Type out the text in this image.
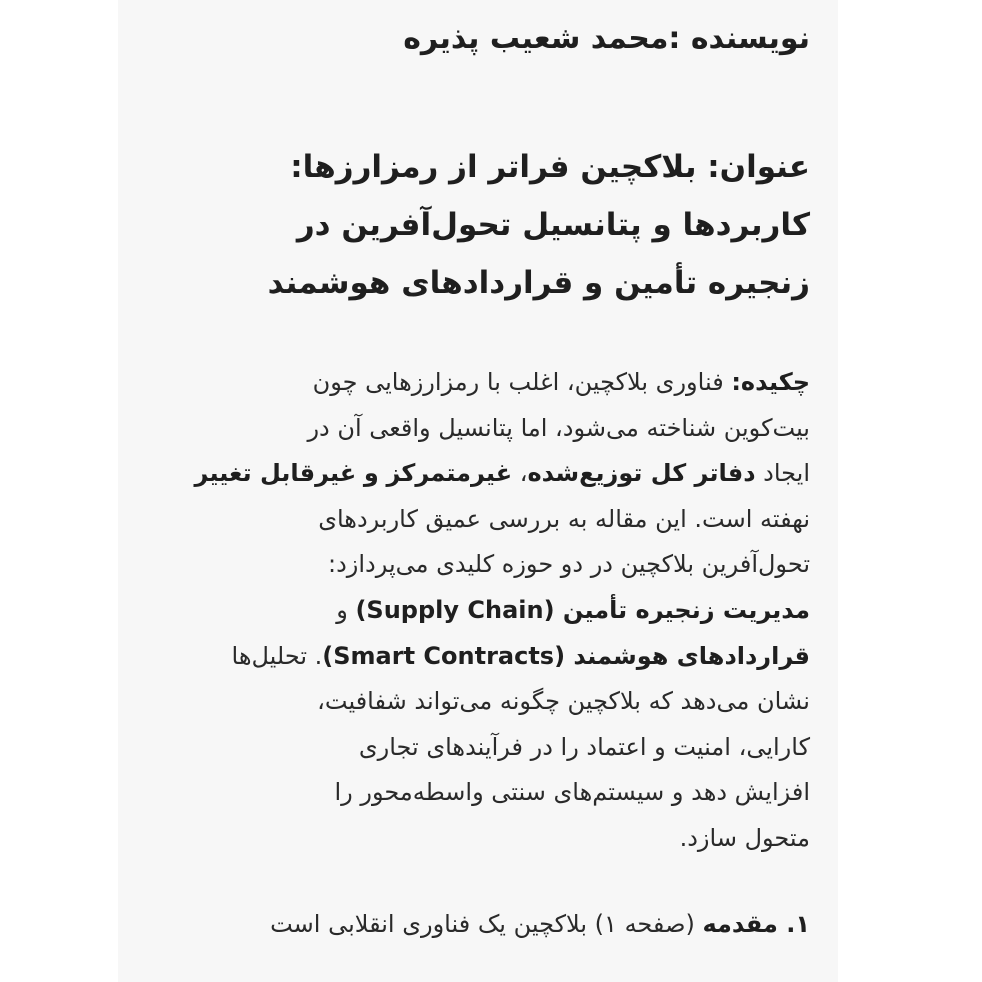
نویسنده :محمد شعیب پذیره
عنوان: بلاکچین فراتر از رمزارزها:
کاربردها و پتانسیل تحول‌آفرین در
زنجیره تأمین و قراردادهای هوشمند
چکیده: فناوری بلاکچین، اغلب با رمزارزهایی چون
بیت‌کوین شناخته می‌شود، اما پتانسیل واقعی آن در
ایجاد دفاتر کل توزیع‌شده، غیرمتمرکز و غیرقابل تغییر
نهفته است. این مقاله به بررسی عمیق کاربردهای
تحول‌آفرین بلاکچین در دو حوزه کلیدی می‌پردازد:
مدیریت زنجیره تأمین (Supply Chain) و
قراردادهای هوشمند (Smart Contracts). تحلیل‌ها
نشان می‌دهد که بلاکچین چگونه می‌تواند شفافیت،
کارایی، امنیت و اعتماد را در فرآیندهای تجاری
افزایش دهد و سیستم‌های سنتی واسطه‌محور را
متحول سازد.
۱. مقدمه (صفحه ۱) بلاکچین یک فناوری انقلابی است
